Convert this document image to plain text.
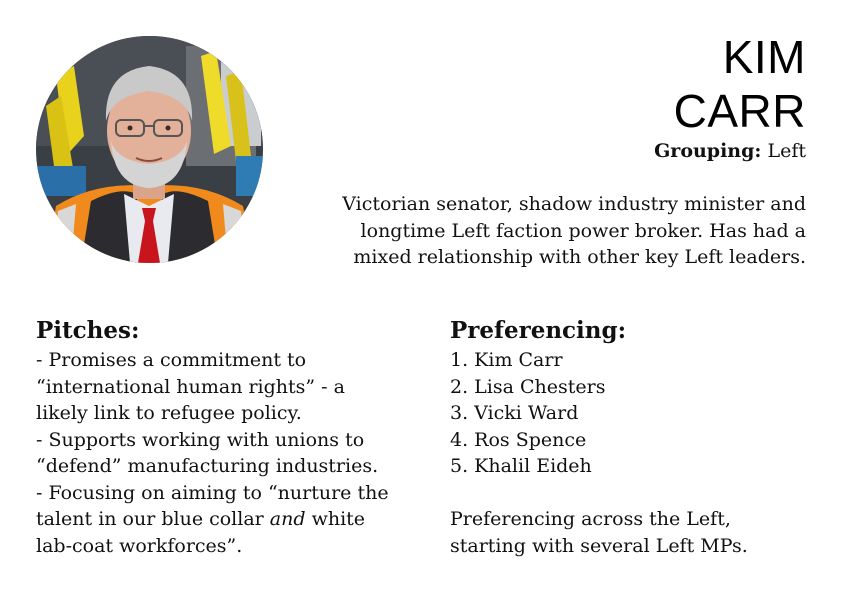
KIM
CARR
Grouping: Left
Victorian senator, shadow industry minister and
longtime Left faction power broker. Has had a
mixed relationship with other key Left leaders.
Pitches:
- Promises a commitment to
“international human rights” - a
likely link to refugee policy.
- Supports working with unions to
“defend” manufacturing industries.
- Focusing on aiming to “nurture the
talent in our blue collar and white
lab-coat workforces”.
Preferencing:
1. Kim Carr
2. Lisa Chesters
3. Vicki Ward
4. Ros Spence
5. Khalil Eideh
Preferencing across the Left,
starting with several Left MPs.
